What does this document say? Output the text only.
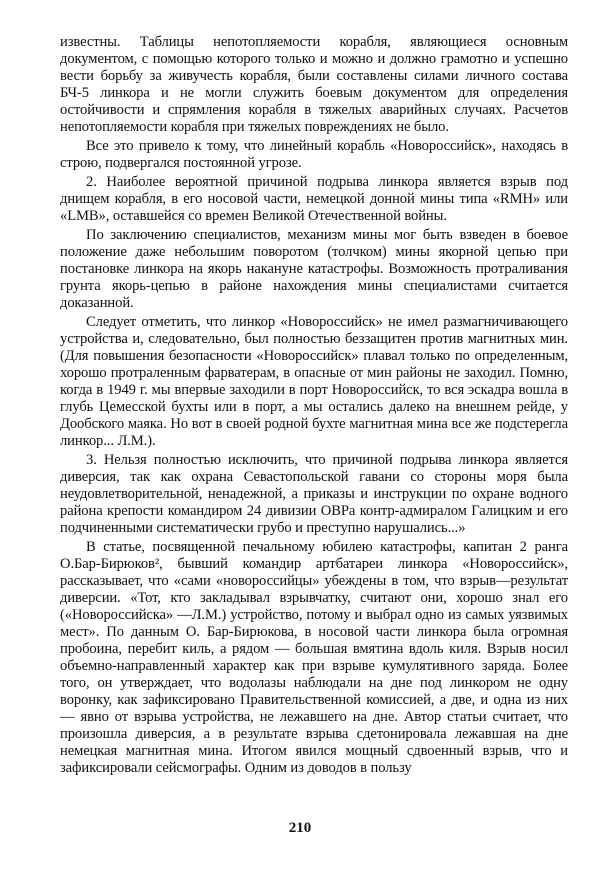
известны. Таблицы непотопляемости корабля, являющиеся основным документом, с помощью которого только и можно и должно грамотно и успешно вести борьбу за живучесть корабля, были составлены силами личного состава БЧ-5 линкора и не могли служить боевым документом для определения остойчивости и спрямления корабля в тяжелых аварийных случаях. Расчетов непотопляемости корабля при тяжелых повреждениях не было.

Все это привело к тому, что линейный корабль «Новороссийск», находясь в строю, подвергался постоянной угрозе.

2. Наиболее вероятной причиной подрыва линкора является взрыв под днищем корабля, в его носовой части, немецкой донной мины типа «RMH» или «LMB», оставшейся со времен Великой Отечественной войны.

По заключению специалистов, механизм мины мог быть взведен в боевое положение даже небольшим поворотом (толчком) мины якорной цепью при постановке линкора на якорь накануне катастрофы. Возможность протраливания грунта якорь-цепью в районе нахождения мины специалистами считается доказанной.

Следует отметить, что линкор «Новороссийск» не имел размагничивающего устройства и, следовательно, был полностью беззащитен против магнитных мин. (Для повышения безопасности «Новороссийск» плавал только по определенным, хорошо протраленным фарватерам, в опасные от мин районы не заходил. Помню, когда в 1949 г. мы впервые заходили в порт Новороссийск, то вся эскадра вошла в глубь Цемесской бухты или в порт, а мы остались далеко на внешнем рейде, у Дообского маяка. Но вот в своей родной бухте магнитная мина все же подстерегла линкор... Л.М.).

3. Нельзя полностью исключить, что причиной подрыва линкора является диверсия, так как охрана Севастопольской гавани со стороны моря была неудовлетворительной, ненадежной, а приказы и инструкции по охране водного района крепости командиром 24 дивизии ОВРа контр-адмиралом Галицким и его подчиненными систематически грубо и преступно нарушались...»

В статье, посвященной печальному юбилею катастрофы, капитан 2 ранга О.Бар-Бирюков², бывший командир артбатареи линкора «Новороссийск», рассказывает, что «сами «новороссийцы» убеждены в том, что взрыв—результат диверсии. «Тот, кто закладывал взрывчатку, считают они, хорошо знал его («Новороссийска» —Л.М.) устройство, потому и выбрал одно из самых уязвимых мест». По данным О. Бар-Бирюкова, в носовой части линкора была огромная пробоина, перебит киль, а рядом — большая вмятина вдоль киля. Взрыв носил объемно-направленный характер как при взрыве кумулятивного заряда. Более того, он утверждает, что водолазы наблюдали на дне под линкором не одну воронку, как зафиксировано Правительственной комиссией, а две, и одна из них — явно от взрыва устройства, не лежавшего на дне. Автор статьи считает, что произошла диверсия, а в результате взрыва сдетонировала лежавшая на дне немецкая магнитная мина. Итогом явился мощный сдвоенный взрыв, что и зафиксировали сейсмографы. Одним из доводов в пользу

210
